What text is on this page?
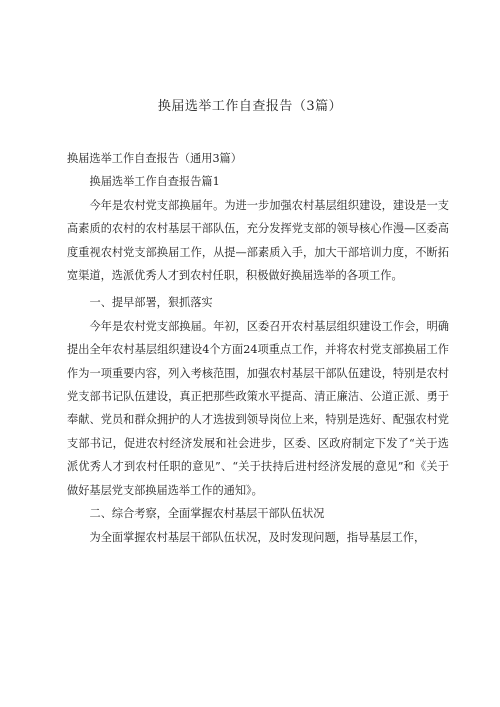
换届选举工作自查报告（3篇）

换届选举工作自查报告（通用3篇）

换届选举工作自查报告篇1

今年是农村党支部换届年。为进一步加强农村基层组织建设，建设是一支高素质的农村的农村基层干部队伍，充分发挥党支部的领导核心作漫—区委高度重视农村党支部换届工作，从提—部素质入手，加大干部培训力度，不断拓宽渠道，选派优秀人才到农村任职，积极做好换届选举的各项工作。

一、提早部署，狠抓落实

今年是农村党支部换届。年初，区委召开农村基层组织建设工作会，明确提出全年农村基层组织建设4个方面24项重点工作，并将农村党支部换届工作作为一项重要内容，列入考核范围，加强农村基层干部队伍建设，特别是农村党支部书记队伍建设，真正把那些政策水平提高、清正廉洁、公道正派、勇于奉献、党员和群众拥护的人才选拔到领导岗位上来，特别是选好、配强农村党支部书记，促进农村经济发展和社会进步，区委、区政府制定下发了“关于选派优秀人才到农村任职的意见”、“关于扶持后进村经济发展的意见”和《关于做好基层党支部换届选举工作的通知》。

二、综合考察，全面掌握农村基层干部队伍状况

为全面掌握农村基层干部队伍状况，及时发现问题，指导基层工作，
